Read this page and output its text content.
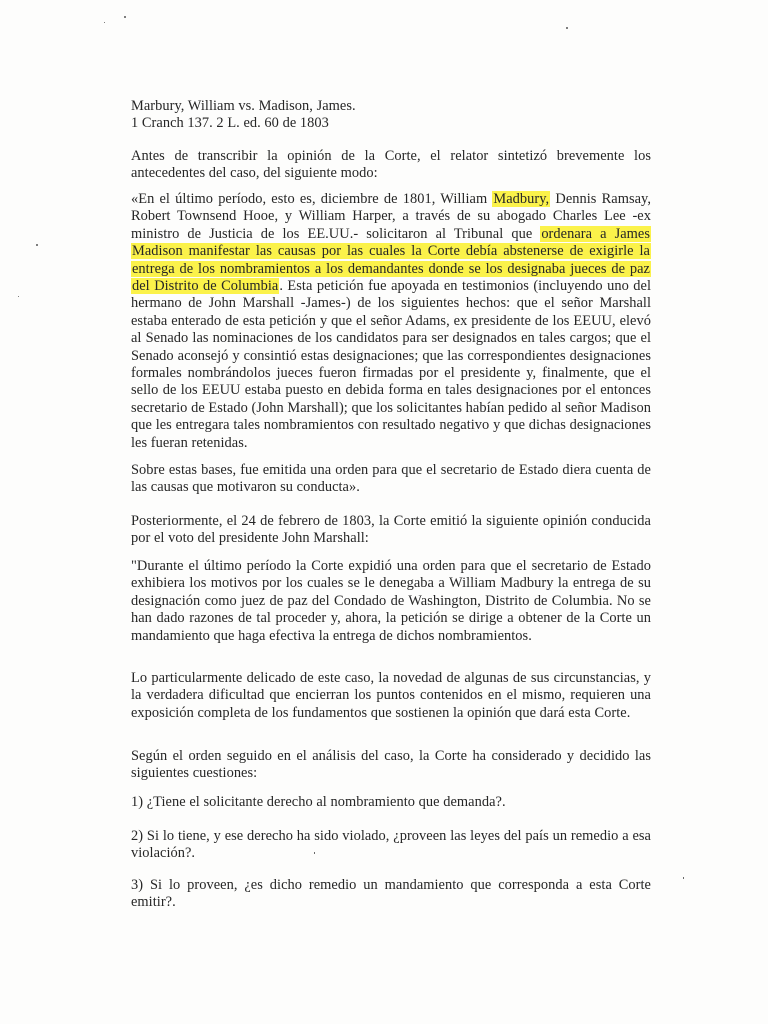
Marbury, William vs. Madison, James.
1 Cranch 137. 2 L. ed. 60 de 1803

Antes de transcribir la opinión de la Corte, el relator sintetizó brevemente los antecedentes del caso, del siguiente modo:

«En el último período, esto es, diciembre de 1801, William Madbury, Dennis Ramsay, Robert Townsend Hooe, y William Harper, a través de su abogado Charles Lee -ex ministro de Justicia de los EE.UU.- solicitaron al Tribunal que ordenara a James Madison manifestar las causas por las cuales la Corte debía abstenerse de exigirle la entrega de los nombramientos a los demandantes donde se los designaba jueces de paz del Distrito de Columbia. Esta petición fue apoyada en testimonios (incluyendo uno del hermano de John Marshall -James-) de los siguientes hechos: que el señor Marshall estaba enterado de esta petición y que el señor Adams, ex presidente de los EEUU, elevó al Senado las nominaciones de los candidatos para ser designados en tales cargos; que el Senado aconsejó y consintió estas designaciones; que las correspondientes designaciones formales nombrándolos jueces fueron firmadas por el presidente y, finalmente, que el sello de los EEUU estaba puesto en debida forma en tales designaciones por el entonces secretario de Estado (John Marshall); que los solicitantes habían pedido al señor Madison que les entregara tales nombramientos con resultado negativo y que dichas designaciones les fueran retenidas.

Sobre estas bases, fue emitida una orden para que el secretario de Estado diera cuenta de las causas que motivaron su conducta».

Posteriormente, el 24 de febrero de 1803, la Corte emitió la siguiente opinión conducida por el voto del presidente John Marshall:

"Durante el último período la Corte expidió una orden para que el secretario de Estado exhibiera los motivos por los cuales se le denegaba a William Madbury la entrega de su designación como juez de paz del Condado de Washington, Distrito de Columbia. No se han dado razones de tal proceder y, ahora, la petición se dirige a obtener de la Corte un mandamiento que haga efectiva la entrega de dichos nombramientos.

Lo particularmente delicado de este caso, la novedad de algunas de sus circunstancias, y la verdadera dificultad que encierran los puntos contenidos en el mismo, requieren una exposición completa de los fundamentos que sostienen la opinión que dará esta Corte.

Según el orden seguido en el análisis del caso, la Corte ha considerado y decidido las siguientes cuestiones:

1) ¿Tiene el solicitante derecho al nombramiento que demanda?.

2) Si lo tiene, y ese derecho ha sido violado, ¿proveen las leyes del país un remedio a esa violación?.

3) Si lo proveen, ¿es dicho remedio un mandamiento que corresponda a esta Corte emitir?.
